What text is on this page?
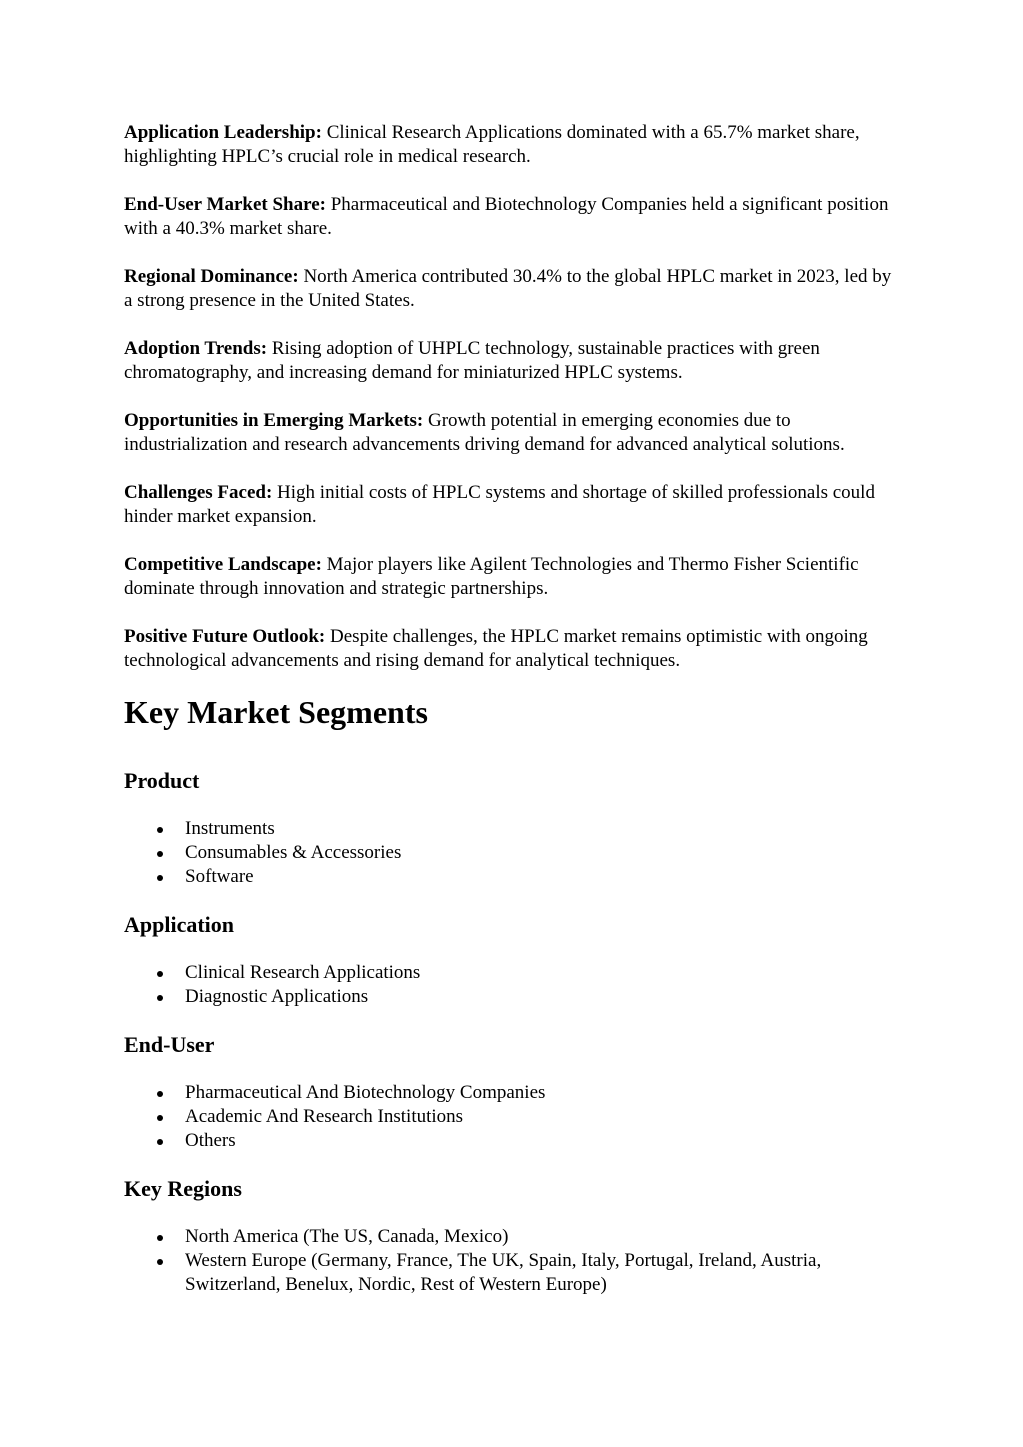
Application Leadership: Clinical Research Applications dominated with a 65.7% market share, highlighting HPLC’s crucial role in medical research.

End-User Market Share: Pharmaceutical and Biotechnology Companies held a significant position with a 40.3% market share.

Regional Dominance: North America contributed 30.4% to the global HPLC market in 2023, led by a strong presence in the United States.

Adoption Trends: Rising adoption of UHPLC technology, sustainable practices with green chromatography, and increasing demand for miniaturized HPLC systems.

Opportunities in Emerging Markets: Growth potential in emerging economies due to industrialization and research advancements driving demand for advanced analytical solutions.

Challenges Faced: High initial costs of HPLC systems and shortage of skilled professionals could hinder market expansion.

Competitive Landscape: Major players like Agilent Technologies and Thermo Fisher Scientific dominate through innovation and strategic partnerships.

Positive Future Outlook: Despite challenges, the HPLC market remains optimistic with ongoing technological advancements and rising demand for analytical techniques.

Key Market Segments
Product
Instruments
Consumables & Accessories
Software
Application
Clinical Research Applications
Diagnostic Applications
End-User
Pharmaceutical And Biotechnology Companies
Academic And Research Institutions
Others
Key Regions
North America (The US, Canada, Mexico)
Western Europe (Germany, France, The UK, Spain, Italy, Portugal, Ireland, Austria, Switzerland, Benelux, Nordic, Rest of Western Europe)
